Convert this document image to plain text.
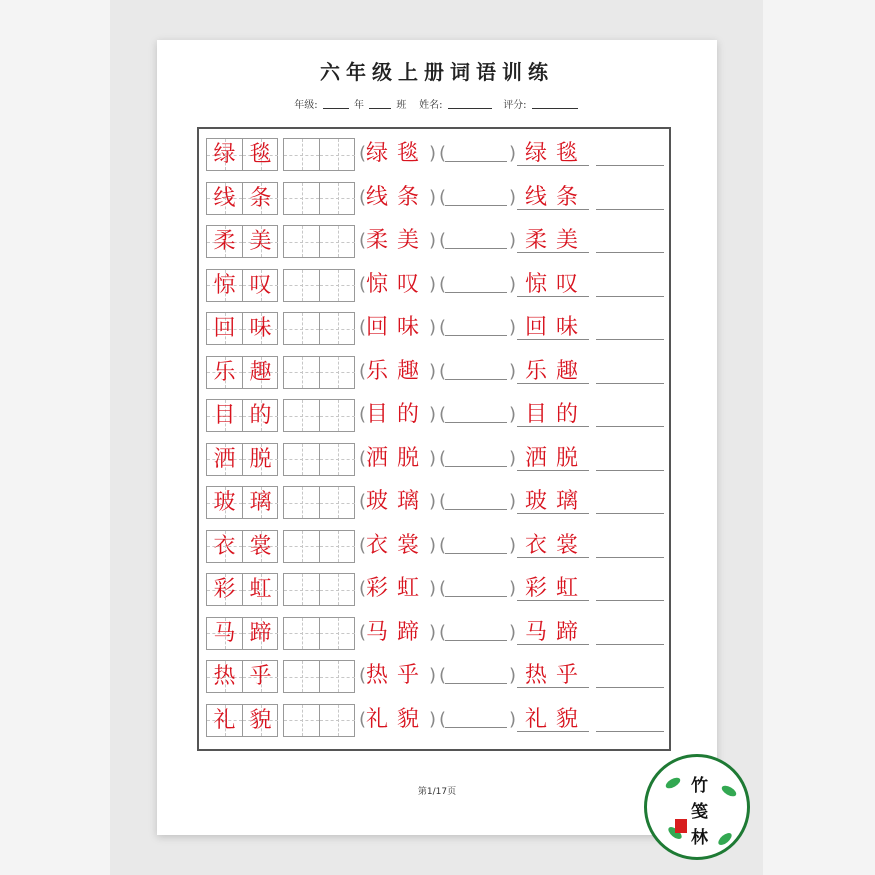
六年级上册词语训练
年级:	年	班 姓名:	评分:
绿 毯	( 绿毯 ) (	) 绿毯
线 条	( 线条 ) (	) 线条
柔 美	( 柔美 ) (	) 柔美
惊 叹	( 惊叹 ) (	) 惊叹
回 味	( 回味 ) (	) 回味
乐 趣	( 乐趣 ) (	) 乐趣
目 的	( 目的 ) (	) 目的
洒 脱	( 洒脱 ) (	) 洒脱
玻 璃	( 玻璃 ) (	) 玻璃
衣 裳	( 衣裳 ) (	) 衣裳
彩 虹	( 彩虹 ) (	) 彩虹
马 蹄	( 马蹄 ) (	) 马蹄
热 乎	( 热乎 ) (	) 热乎
礼 貌	( 礼貌 ) (	) 礼貌
第1/17页	竹
笺
林
